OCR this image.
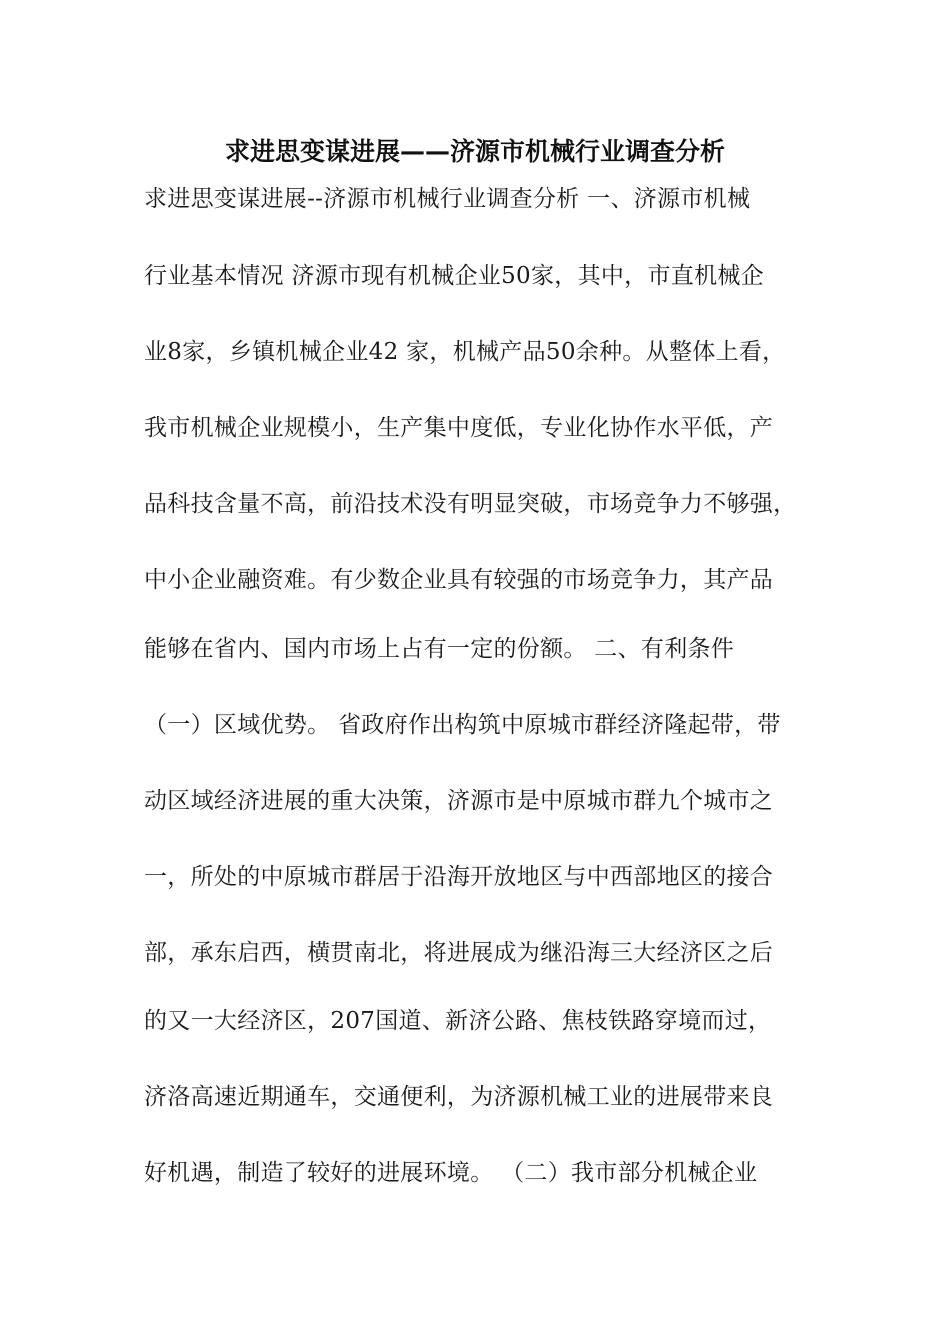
求进思变谋进展——济源市机械行业调查分析
求进思变谋进展--济源市机械行业调查分析 一、济源市机械
行业基本情况 济源市现有机械企业50家，其中，市直机械企
业8家，乡镇机械企业42 家，机械产品50余种。从整体上看，
我市机械企业规模小，生产集中度低，专业化协作水平低，产
品科技含量不高，前沿技术没有明显突破，市场竞争力不够强，
中小企业融资难。有少数企业具有较强的市场竞争力，其产品
能够在省内、国内市场上占有一定的份额。 二、有利条件
（一）区域优势。 省政府作出构筑中原城市群经济隆起带，带
动区域经济进展的重大决策，济源市是中原城市群九个城市之
一，所处的中原城市群居于沿海开放地区与中西部地区的接合
部，承东启西，横贯南北，将进展成为继沿海三大经济区之后
的又一大经济区，207国道、新济公路、焦枝铁路穿境而过，
济洛高速近期通车，交通便利，为济源机械工业的进展带来良
好机遇，制造了较好的进展环境。 （二）我市部分机械企业
